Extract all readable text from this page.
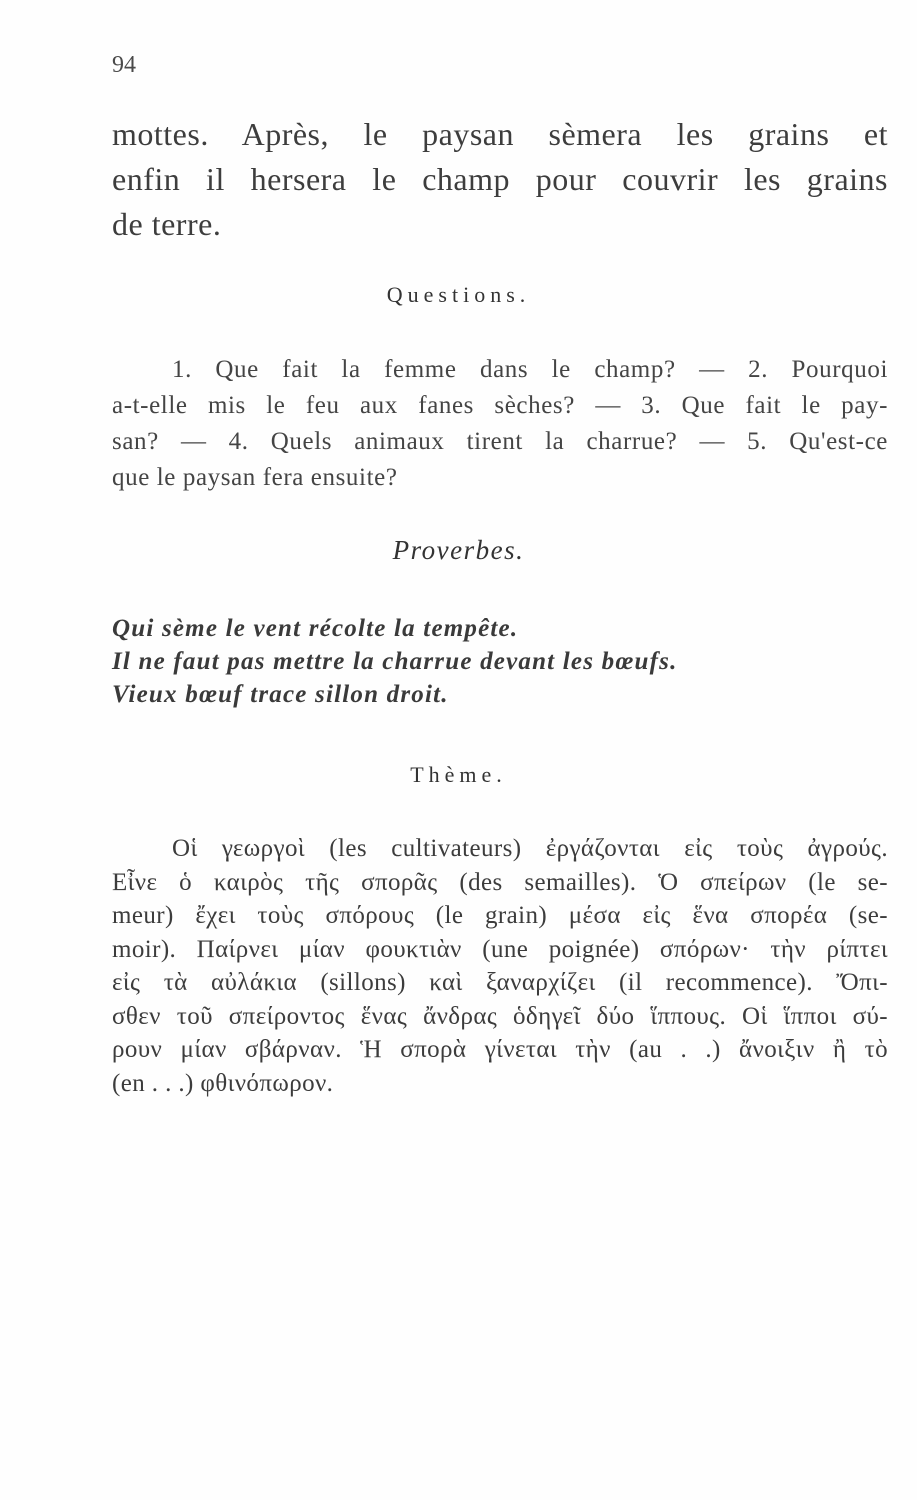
94
mottes. Après, le paysan sèmera les grains et
enfin il hersera le champ pour couvrir les grains
de terre.
Questions.
1. Que fait la femme dans le champ? — 2. Pourquoi
a-t-elle mis le feu aux fanes sèches? — 3. Que fait le pay-
san? — 4. Quels animaux tirent la charrue? — 5. Qu'est-ce
que le paysan fera ensuite?
Proverbes.
Qui sème le vent récolte la tempête.
Il ne faut pas mettre la charrue devant les bœufs.
Vieux bœuf trace sillon droit.
Thème.
Οἱ γεωργοὶ (les cultivateurs) ἐργάζονται εἰς τοὺς ἀγρούς.
Εἶνε ὁ καιρὸς τῆς σπορᾶς (des semailles). Ὁ σπείρων (le se-
meur) ἔχει τοὺς σπόρους (le grain) μέσα εἰς ἕνα σπορέα (se-
moir). Παίρνει μίαν φουκτιὰν (une poignée) σπόρων· τὴν ρίπτει
εἰς τὰ αὐλάκια (sillons) καὶ ξαναρχίζει (il recommence). Ὄπι-
σθεν τοῦ σπείροντος ἕνας ἄνδρας ὁδηγεῖ δύο ἵππους. Οἱ ἵπποι σύ-
ρουν μίαν σβάρναν. Ἡ σπορὰ γίνεται τὴν (au . .) ἄνοιξιν ἢ τὸ
(en . . .) φθινόπωρον.
